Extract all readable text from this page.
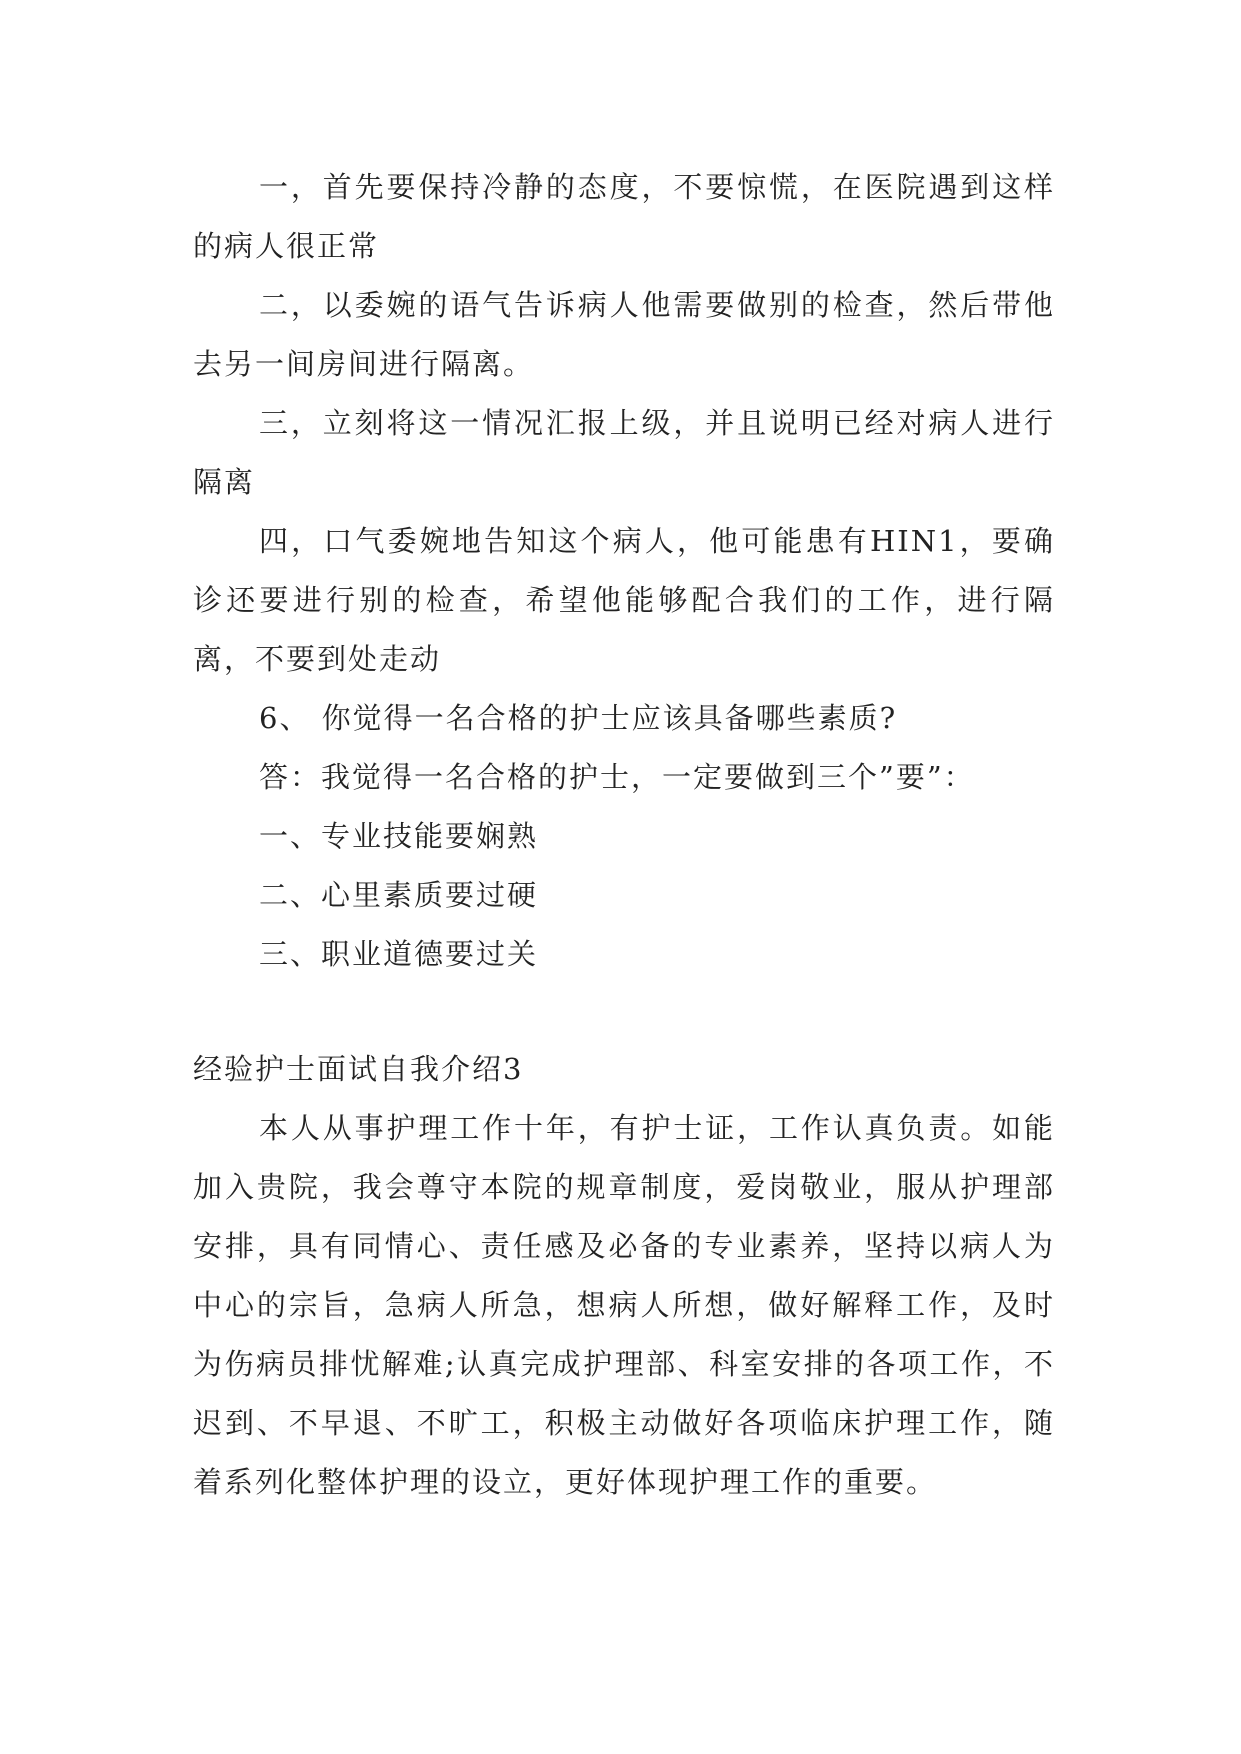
一，首先要保持冷静的态度，不要惊慌，在医院遇到这样的病人很正常

二，以委婉的语气告诉病人他需要做别的检查，然后带他去另一间房间进行隔离。

三，立刻将这一情况汇报上级，并且说明已经对病人进行隔离

四，口气委婉地告知这个病人，他可能患有HIN1，要确诊还要进行别的检查，希望他能够配合我们的工作，进行隔离，不要到处走动

6、 你觉得一名合格的护士应该具备哪些素质?

答：我觉得一名合格的护士，一定要做到三个”要”：

一、专业技能要娴熟

二、心里素质要过硬

三、职业道德要过关

经验护士面试自我介绍3

本人从事护理工作十年，有护士证，工作认真负责。如能加入贵院，我会尊守本院的规章制度，爱岗敬业，服从护理部安排，具有同情心、责任感及必备的专业素养，坚持以病人为中心的宗旨，急病人所急，想病人所想，做好解释工作，及时为伤病员排忧解难;认真完成护理部、科室安排的各项工作，不迟到、不早退、不旷工，积极主动做好各项临床护理工作，随着系列化整体护理的设立，更好体现护理工作的重要。
